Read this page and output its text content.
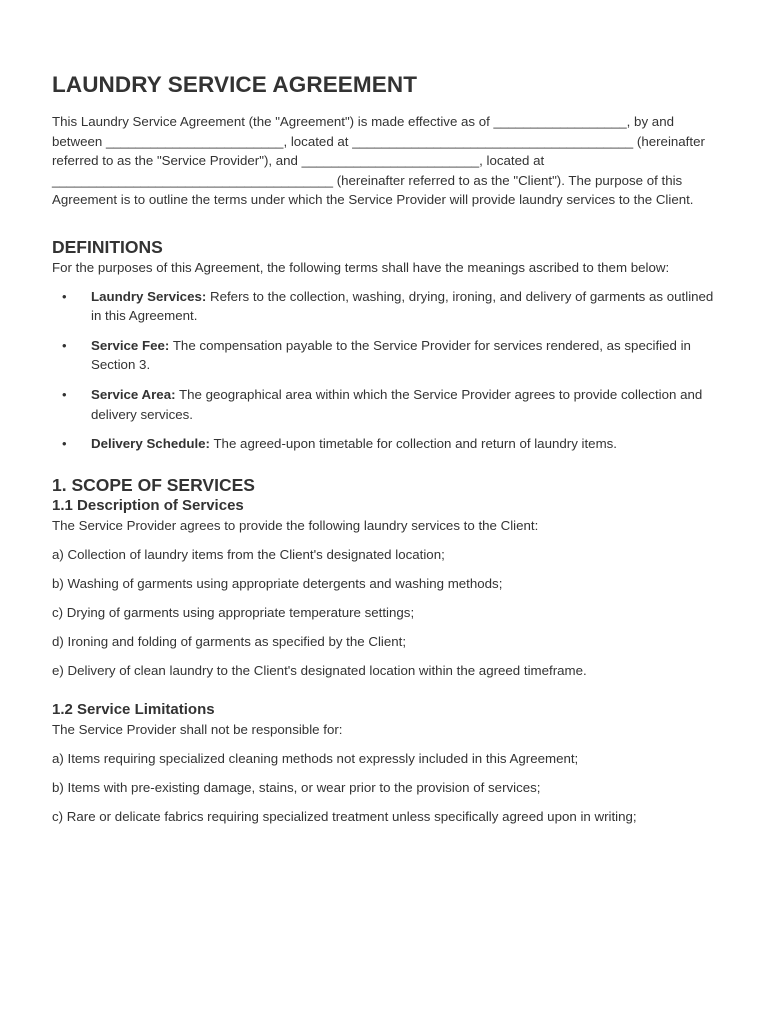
LAUNDRY SERVICE AGREEMENT

This Laundry Service Agreement (the "Agreement") is made effective as of __________________, by and between ________________________, located at ______________________________________ (hereinafter referred to as the "Service Provider"), and ________________________, located at ______________________________________ (hereinafter referred to as the "Client"). The purpose of this Agreement is to outline the terms under which the Service Provider will provide laundry services to the Client.

DEFINITIONS

For the purposes of this Agreement, the following terms shall have the meanings ascribed to them below:

• Laundry Services: Refers to the collection, washing, drying, ironing, and delivery of garments as outlined in this Agreement.
• Service Fee: The compensation payable to the Service Provider for services rendered, as specified in Section 3.
• Service Area: The geographical area within which the Service Provider agrees to provide collection and delivery services.
• Delivery Schedule: The agreed-upon timetable for collection and return of laundry items.
1. SCOPE OF SERVICES
1.1 Description of Services

The Service Provider agrees to provide the following laundry services to the Client:

a) Collection of laundry items from the Client's designated location;

b) Washing of garments using appropriate detergents and washing methods;

c) Drying of garments using appropriate temperature settings;

d) Ironing and folding of garments as specified by the Client;

e) Delivery of clean laundry to the Client's designated location within the agreed timeframe.

1.2 Service Limitations

The Service Provider shall not be responsible for:

a) Items requiring specialized cleaning methods not expressly included in this Agreement;

b) Items with pre-existing damage, stains, or wear prior to the provision of services;

c) Rare or delicate fabrics requiring specialized treatment unless specifically agreed upon in writing;
